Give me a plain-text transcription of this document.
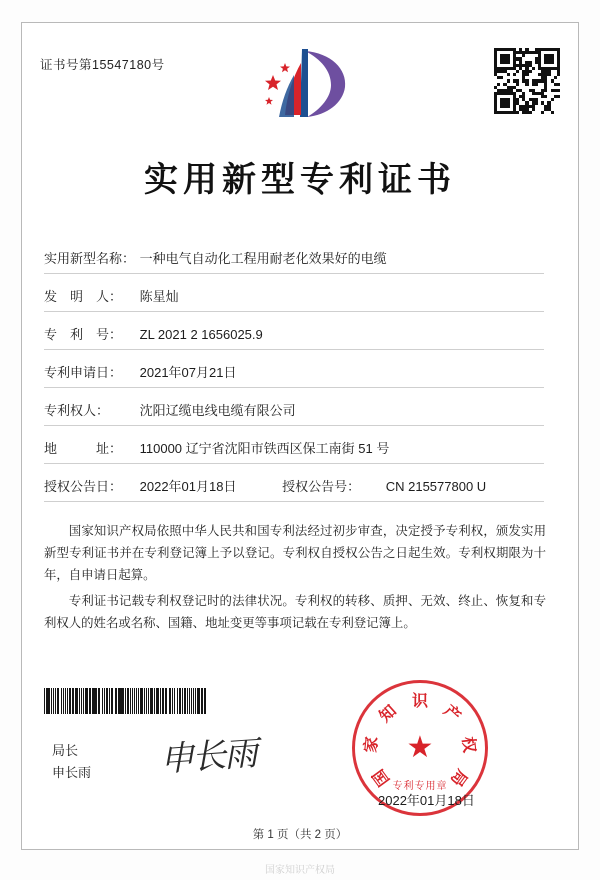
证书号第15547180号
实用新型专利证书
实用新型名称： 一种电气自动化工程用耐老化效果好的电缆
发　明　人： 陈星灿
专　利　号： ZL 2021 2 1656025.9
专利申请日： 2021年07月21日
专利权人： 沈阳辽缆电线电缆有限公司
地　　　址： 110000 辽宁省沈阳市铁西区保工南街 51 号
授权公告日： 2022年01月18日	授权公告号： CN 215577800 U

国家知识产权局依照中华人民共和国专利法经过初步审查，决定授予专利权，颁发实用新型专利证书并在专利登记簿上予以登记。专利权自授权公告之日起生效。专利权期限为十年，自申请日起算。

专利证书记载专利权登记时的法律状况。专利权的转移、质押、无效、终止、恢复和专利权人的姓名或名称、国籍、地址变更等事项记载在专利登记簿上。

局长
申长雨 申长雨	★
国
家
知
识
产
权
局
专利专用章
2022年01月18日
第 1 页（共 2 页）
国家知识产权局
